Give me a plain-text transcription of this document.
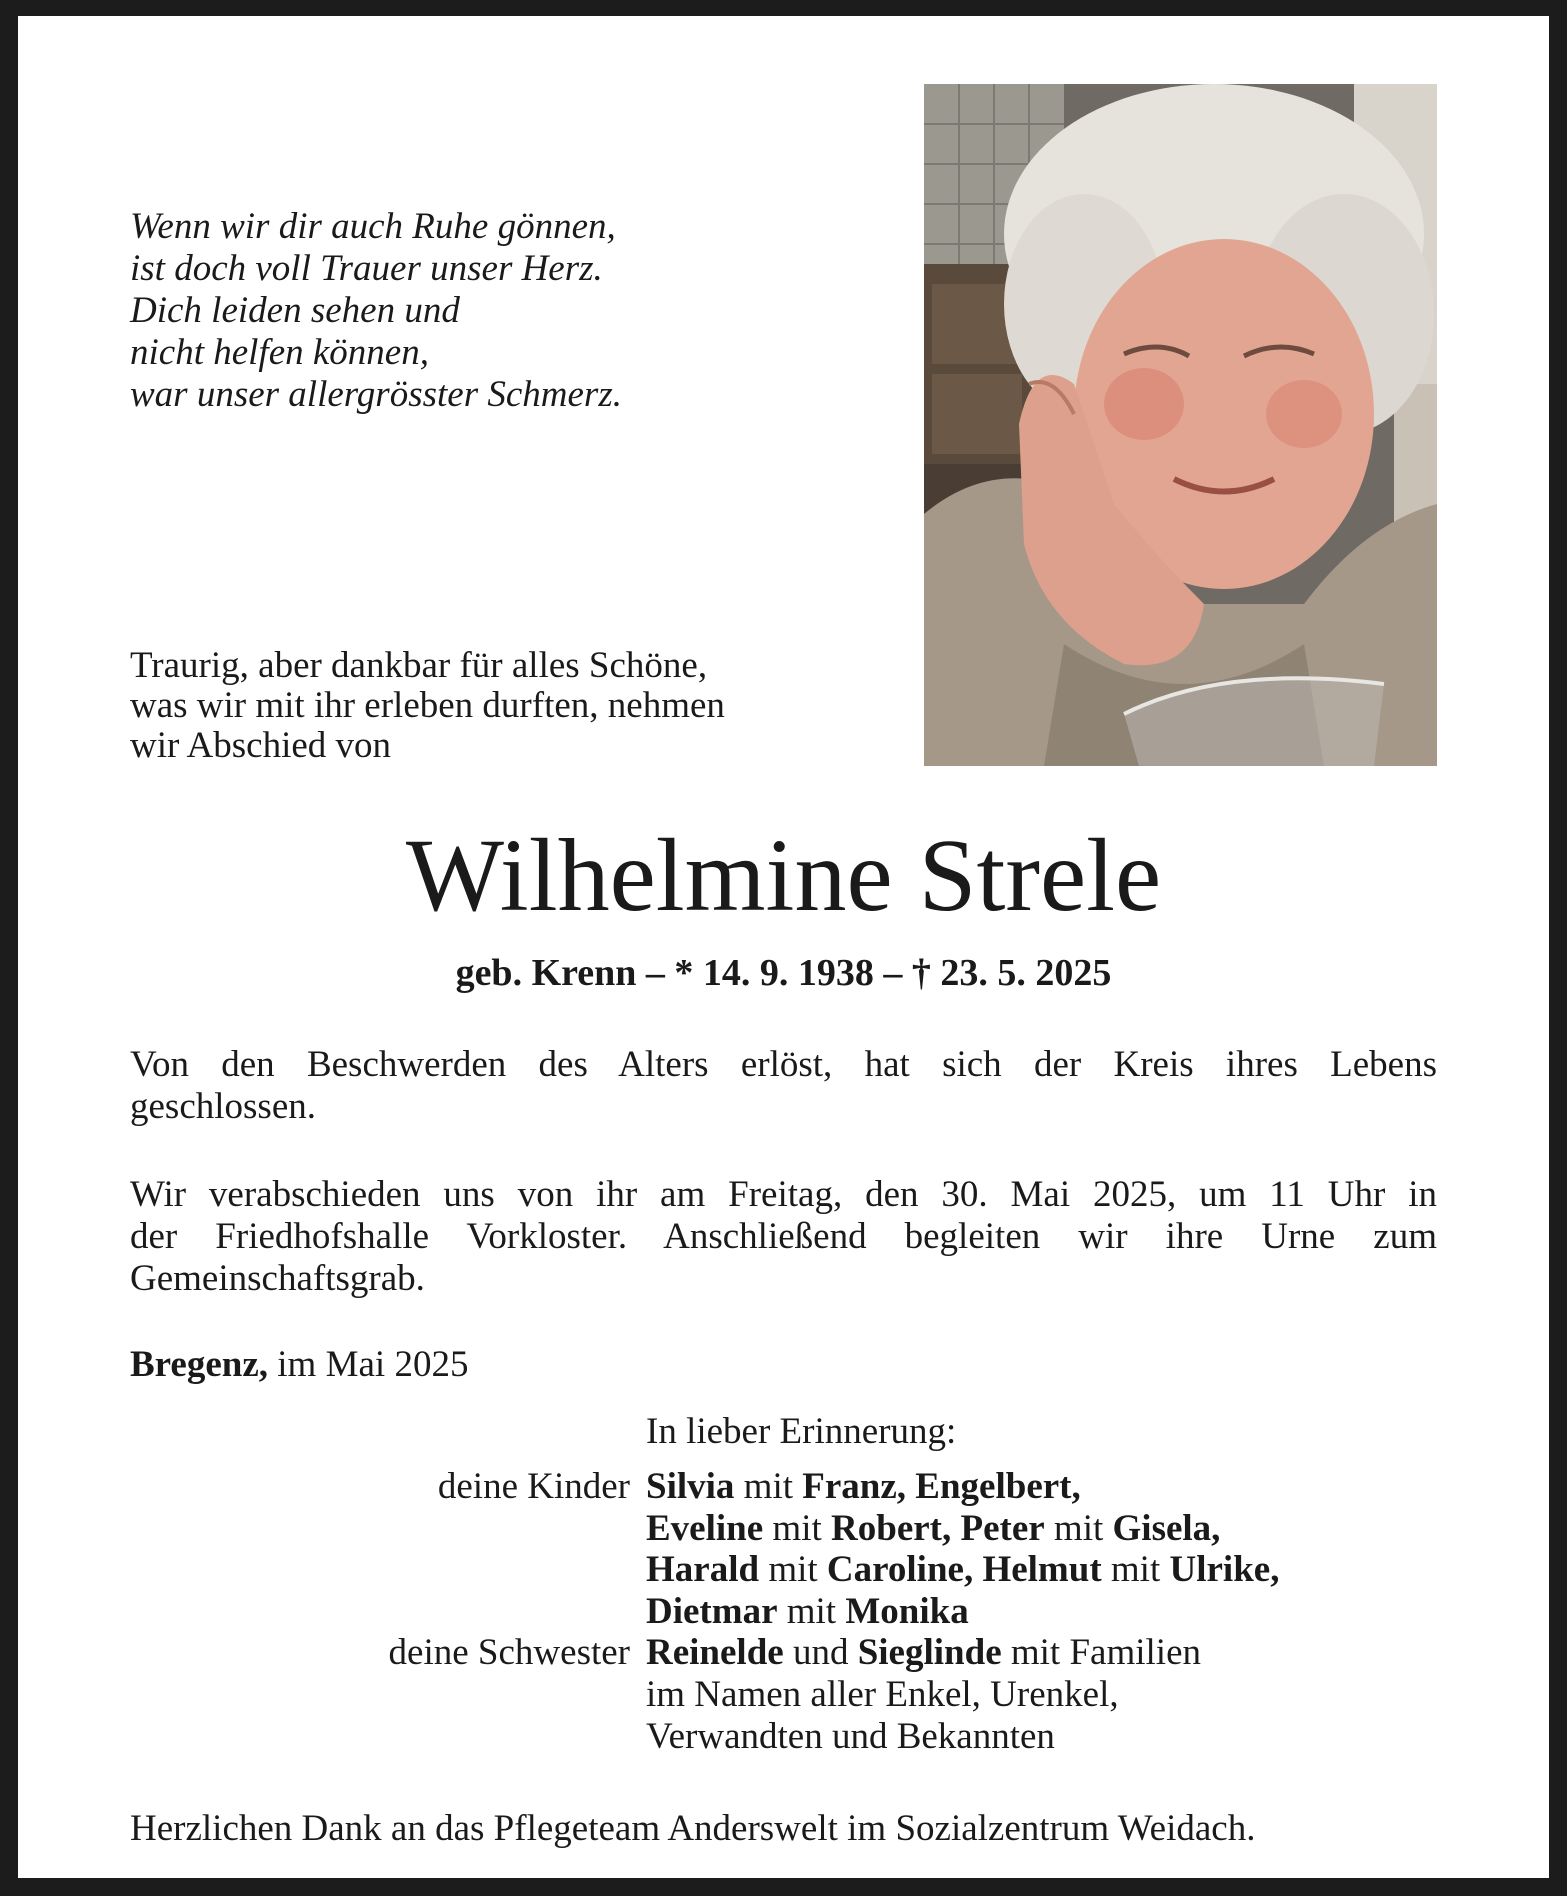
Wenn wir dir auch Ruhe gönnen,
ist doch voll Trauer unser Herz.
Dich leiden sehen und
nicht helfen können,
war unser allergrösster Schmerz.
Traurig, aber dankbar für alles Schöne,
was wir mit ihr erleben durften, nehmen
wir Abschied von
Wilhelmine Strele
geb. Krenn – * 14. 9. 1938 – † 23. 5. 2025
Von den Beschwerden des Alters erlöst, hat sich der Kreis ihres Lebens
geschlossen.
Wir verabschieden uns von ihr am Freitag, den 30. Mai 2025, um 11 Uhr in
der Friedhofshalle Vorkloster. Anschließend begleiten wir ihre Urne zum
Gemeinschaftsgrab.
Bregenz, im Mai 2025
In lieber Erinnerung:
deine Kinder Silvia mit Franz, Engelbert,
Eveline mit Robert, Peter mit Gisela,
Harald mit Caroline, Helmut mit Ulrike,
Dietmar mit Monika
deine Schwester Reinelde und Sieglinde mit Familien
im Namen aller Enkel, Urenkel,
Verwandten und Bekannten
Herzlichen Dank an das Pflegeteam Anderswelt im Sozialzentrum Weidach.
